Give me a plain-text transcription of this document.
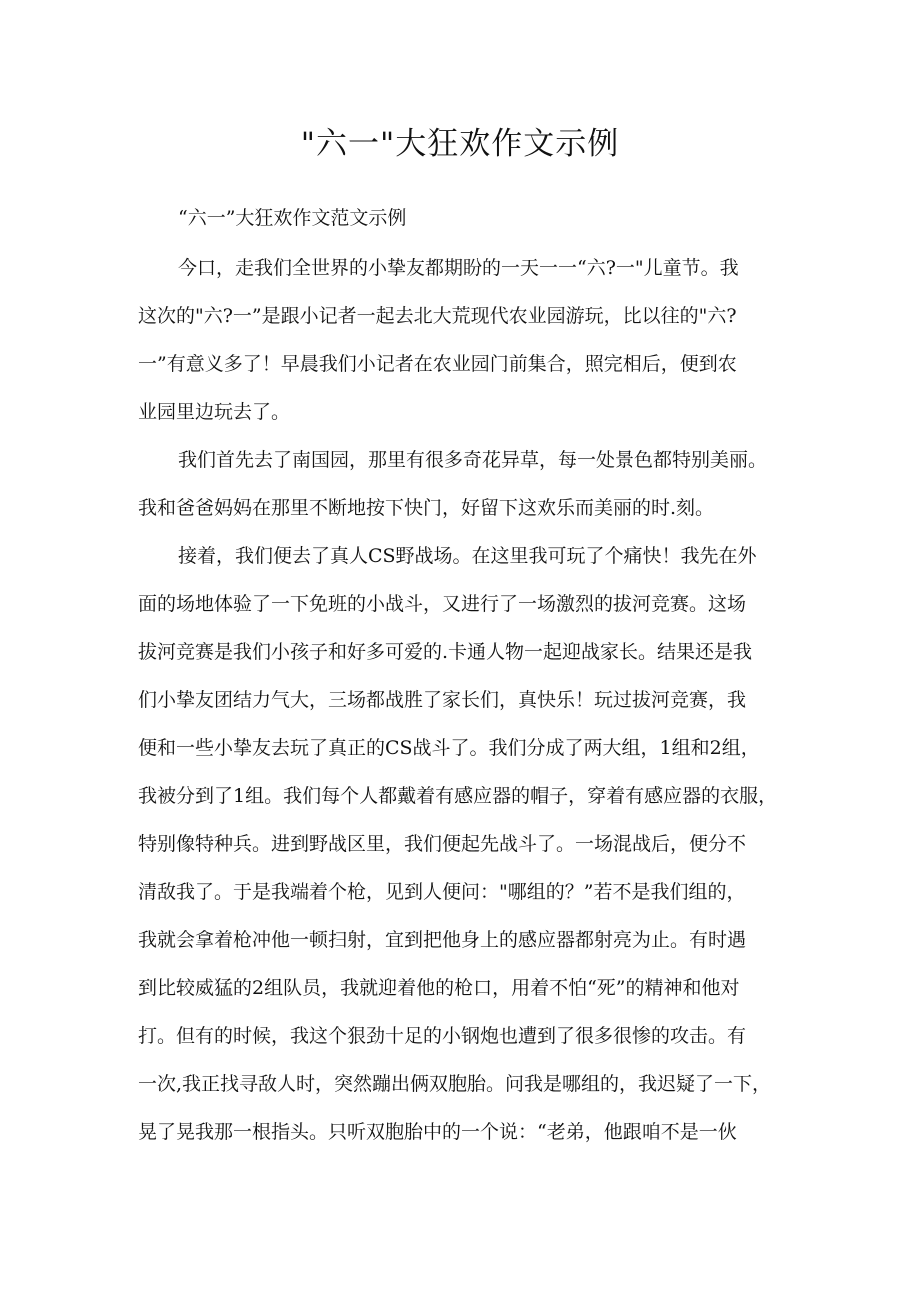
"六一"大狂欢作文示例
“六一”大狂欢作文范文示例
今口，走我们全世界的小挚友都期盼的一天一一“六?一"儿童节。我
这次的"六?一”是跟小记者一起去北大荒现代农业园游玩，比以往的"六?
一”有意义多了！早晨我们小记者在农业园门前集合，照完相后，便到农
业园里边玩去了。
我们首先去了南国园，那里有很多奇花异草，每一处景色都特别美丽。
我和爸爸妈妈在那里不断地按下快门，好留下这欢乐而美丽的时.刻。
接着，我们便去了真人CS野战场。在这里我可玩了个痛快！我先在外
面的场地体验了一下免班的小战斗，又进行了一场激烈的拔河竞赛。这场
拔河竞赛是我们小孩子和好多可爱的.卡通人物一起迎战家长。结果还是我
们小挚友团结力气大，三场都战胜了家长们，真快乐！玩过拔河竞赛，我
便和一些小挚友去玩了真正的CS战斗了。我们分成了两大组，1组和2组，
我被分到了1组。我们每个人都戴着有感应器的帽子，穿着有感应器的衣服，
特别像特种兵。进到野战区里，我们便起先战斗了。一场混战后，便分不
清敌我了。于是我端着个枪，见到人便问："哪组的？”若不是我们组的，
我就会拿着枪冲他一顿扫射，宜到把他身上的感应器都射亮为止。有时遇
到比较威猛的2组队员，我就迎着他的枪口，用着不怕“死”的精神和他对
打。但有的时候，我这个狠劲十足的小钢炮也遭到了很多很惨的攻击。有
一次,我正找寻敌人时，突然蹦出俩双胞胎。问我是哪组的，我迟疑了一下，
晃了晃我那一根指头。只听双胞胎中的一个说：“老弟，他跟咱不是一伙
